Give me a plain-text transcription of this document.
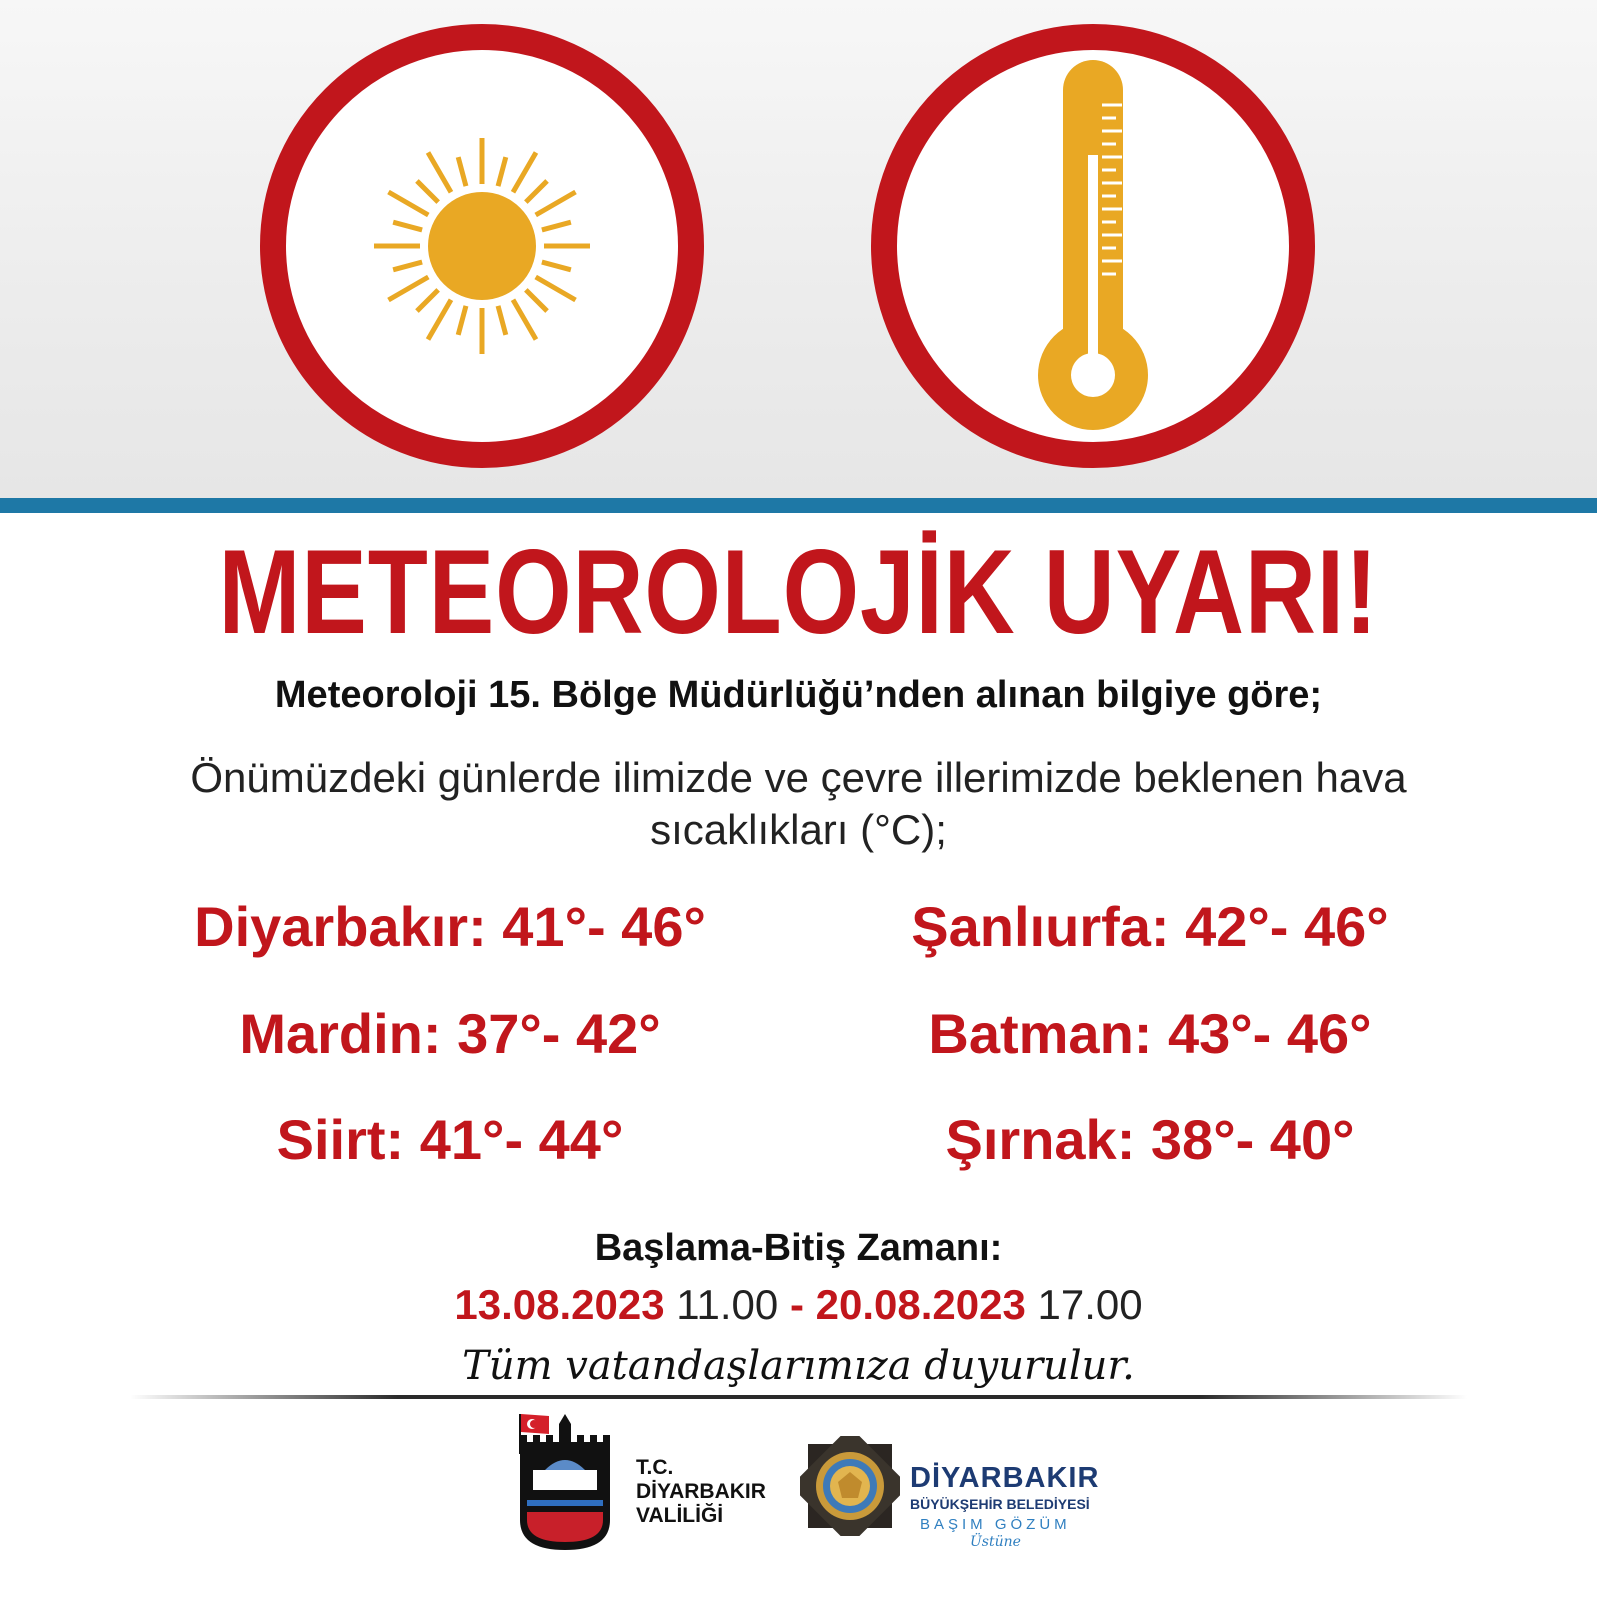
METEOROLOJİK UYARI!
Meteoroloji 15. Bölge Müdürlüğü’nden alınan bilgiye göre;
Önümüzdeki günlerde ilimizde ve çevre illerimizde beklenen hava sıcaklıkları (°C);
Diyarbakır: 41°- 46°	Şanlıurfa: 42°- 46°
Mardin: 37°- 42°	Batman: 43°- 46°
Siirt: 41°- 44°	Şırnak: 38°- 40°
Başlama-Bitiş Zamanı:
13.08.2023 11.00 - 20.08.2023 17.00
Tüm vatandaşlarımıza duyurulur.
T.C.
DİYARBAKIR
VALİLİĞİ
DİYARBAKIR
BÜYÜKŞEHİR BELEDİYESİ
BAŞIM GÖZÜM
Üstüne
